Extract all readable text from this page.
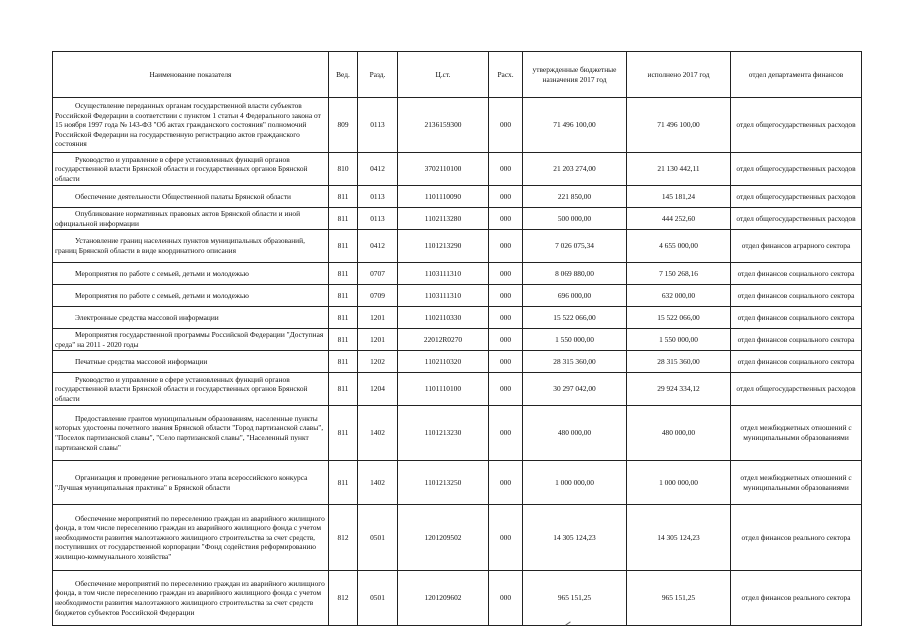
Наименование показателя	Вед.	Разд.	Ц.ст.	Расх.	утвержденные бюджетные назначения 2017 год	исполнено 2017 год	отдел департамента финансов
Осуществление переданных органам государственной власти субъектов Российской Федерации в соответствии с пунктом 1 статьи 4 Федерального закона от 15 ноября 1997 года № 143-ФЗ "Об актах гражданского состояния" полномочий Российской Федерации на государственную регистрацию актов гражданского состояния	809	0113	2136159300	000	71 496 100,00	71 496 100,00	отдел общегосударственных расходов
Руководство и управление в сфере установленных функций органов государственной власти Брянской области и государственных органов Брянской области	810	0412	3702110100	000	21 203 274,00	21 130 442,11	отдел общегосударственных расходов
Обеспечение деятельности Общественной палаты Брянской области	811	0113	1101110090	000	221 850,00	145 181,24	отдел общегосударственных расходов
Опубликование нормативных правовых актов Брянской области и иной официальной информации	811	0113	1102113280	000	500 000,00	444 252,60	отдел общегосударственных расходов
Установление границ населенных пунктов муниципальных образований, границ Брянской области в виде координатного описания	811	0412	1101213290	000	7 026 075,34	4 655 000,00	отдел финансов аграрного сектора
Мероприятия по работе с семьей, детьми и молодежью	811	0707	1103111310	000	8 069 880,00	7 150 268,16	отдел финансов социального сектора
Мероприятия по работе с семьей, детьми и молодежью	811	0709	1103111310	000	696 000,00	632 000,00	отдел финансов социального сектора
Электронные средства массовой информации	811	1201	1102110330	000	15 522 066,00	15 522 066,00	отдел финансов социального сектора
Мероприятия государственной программы Российской Федерации "Доступная среда" на 2011 - 2020 годы	811	1201	22012R0270	000	1 550 000,00	1 550 000,00	отдел финансов социального сектора
Печатные средства массовой информации	811	1202	1102110320	000	28 315 360,00	28 315 360,00	отдел финансов социального сектора
Руководство и управление в сфере установленных функций органов государственной власти Брянской области и государственных органов Брянской области	811	1204	1101110100	000	30 297 042,00	29 924 334,12	отдел общегосударственных расходов
Предоставление грантов муниципальным образованиям, населенные пункты которых удостоены почетного звания Брянской области "Город партизанской славы", "Поселок партизанской славы", "Село партизанской славы", "Населенный пункт партизанской славы"	811	1402	1101213230	000	480 000,00	480 000,00	отдел межбюджетных отношений с муниципальными образованиями
Организация и проведение регионального этапа всероссийского конкурса "Лучшая муниципальная практика" в Брянской области	811	1402	1101213250	000	1 000 000,00	1 000 000,00	отдел межбюджетных отношений с муниципальными образованиями
Обеспечение мероприятий по переселению граждан из аварийного жилищного фонда, в том числе переселению граждан из аварийного жилищного фонда с учетом необходимости развития малоэтажного жилищного строительства за счет средств, поступивших от государственной корпорации "Фонд содействия реформированию жилищно-коммунального хозяйства"	812	0501	1201209502	000	14 305 124,23	14 305 124,23	отдел финансов реального сектора
Обеспечение мероприятий по переселению граждан из аварийного жилищного фонда, в том числе переселению граждан из аварийного жилищного фонда с учетом необходимости развития малоэтажного жилищного строительства за счет средств бюджетов субъектов Российской Федерации	812	0501	1201209602	000	965 151,25	965 151,25	отдел финансов реального сектора
